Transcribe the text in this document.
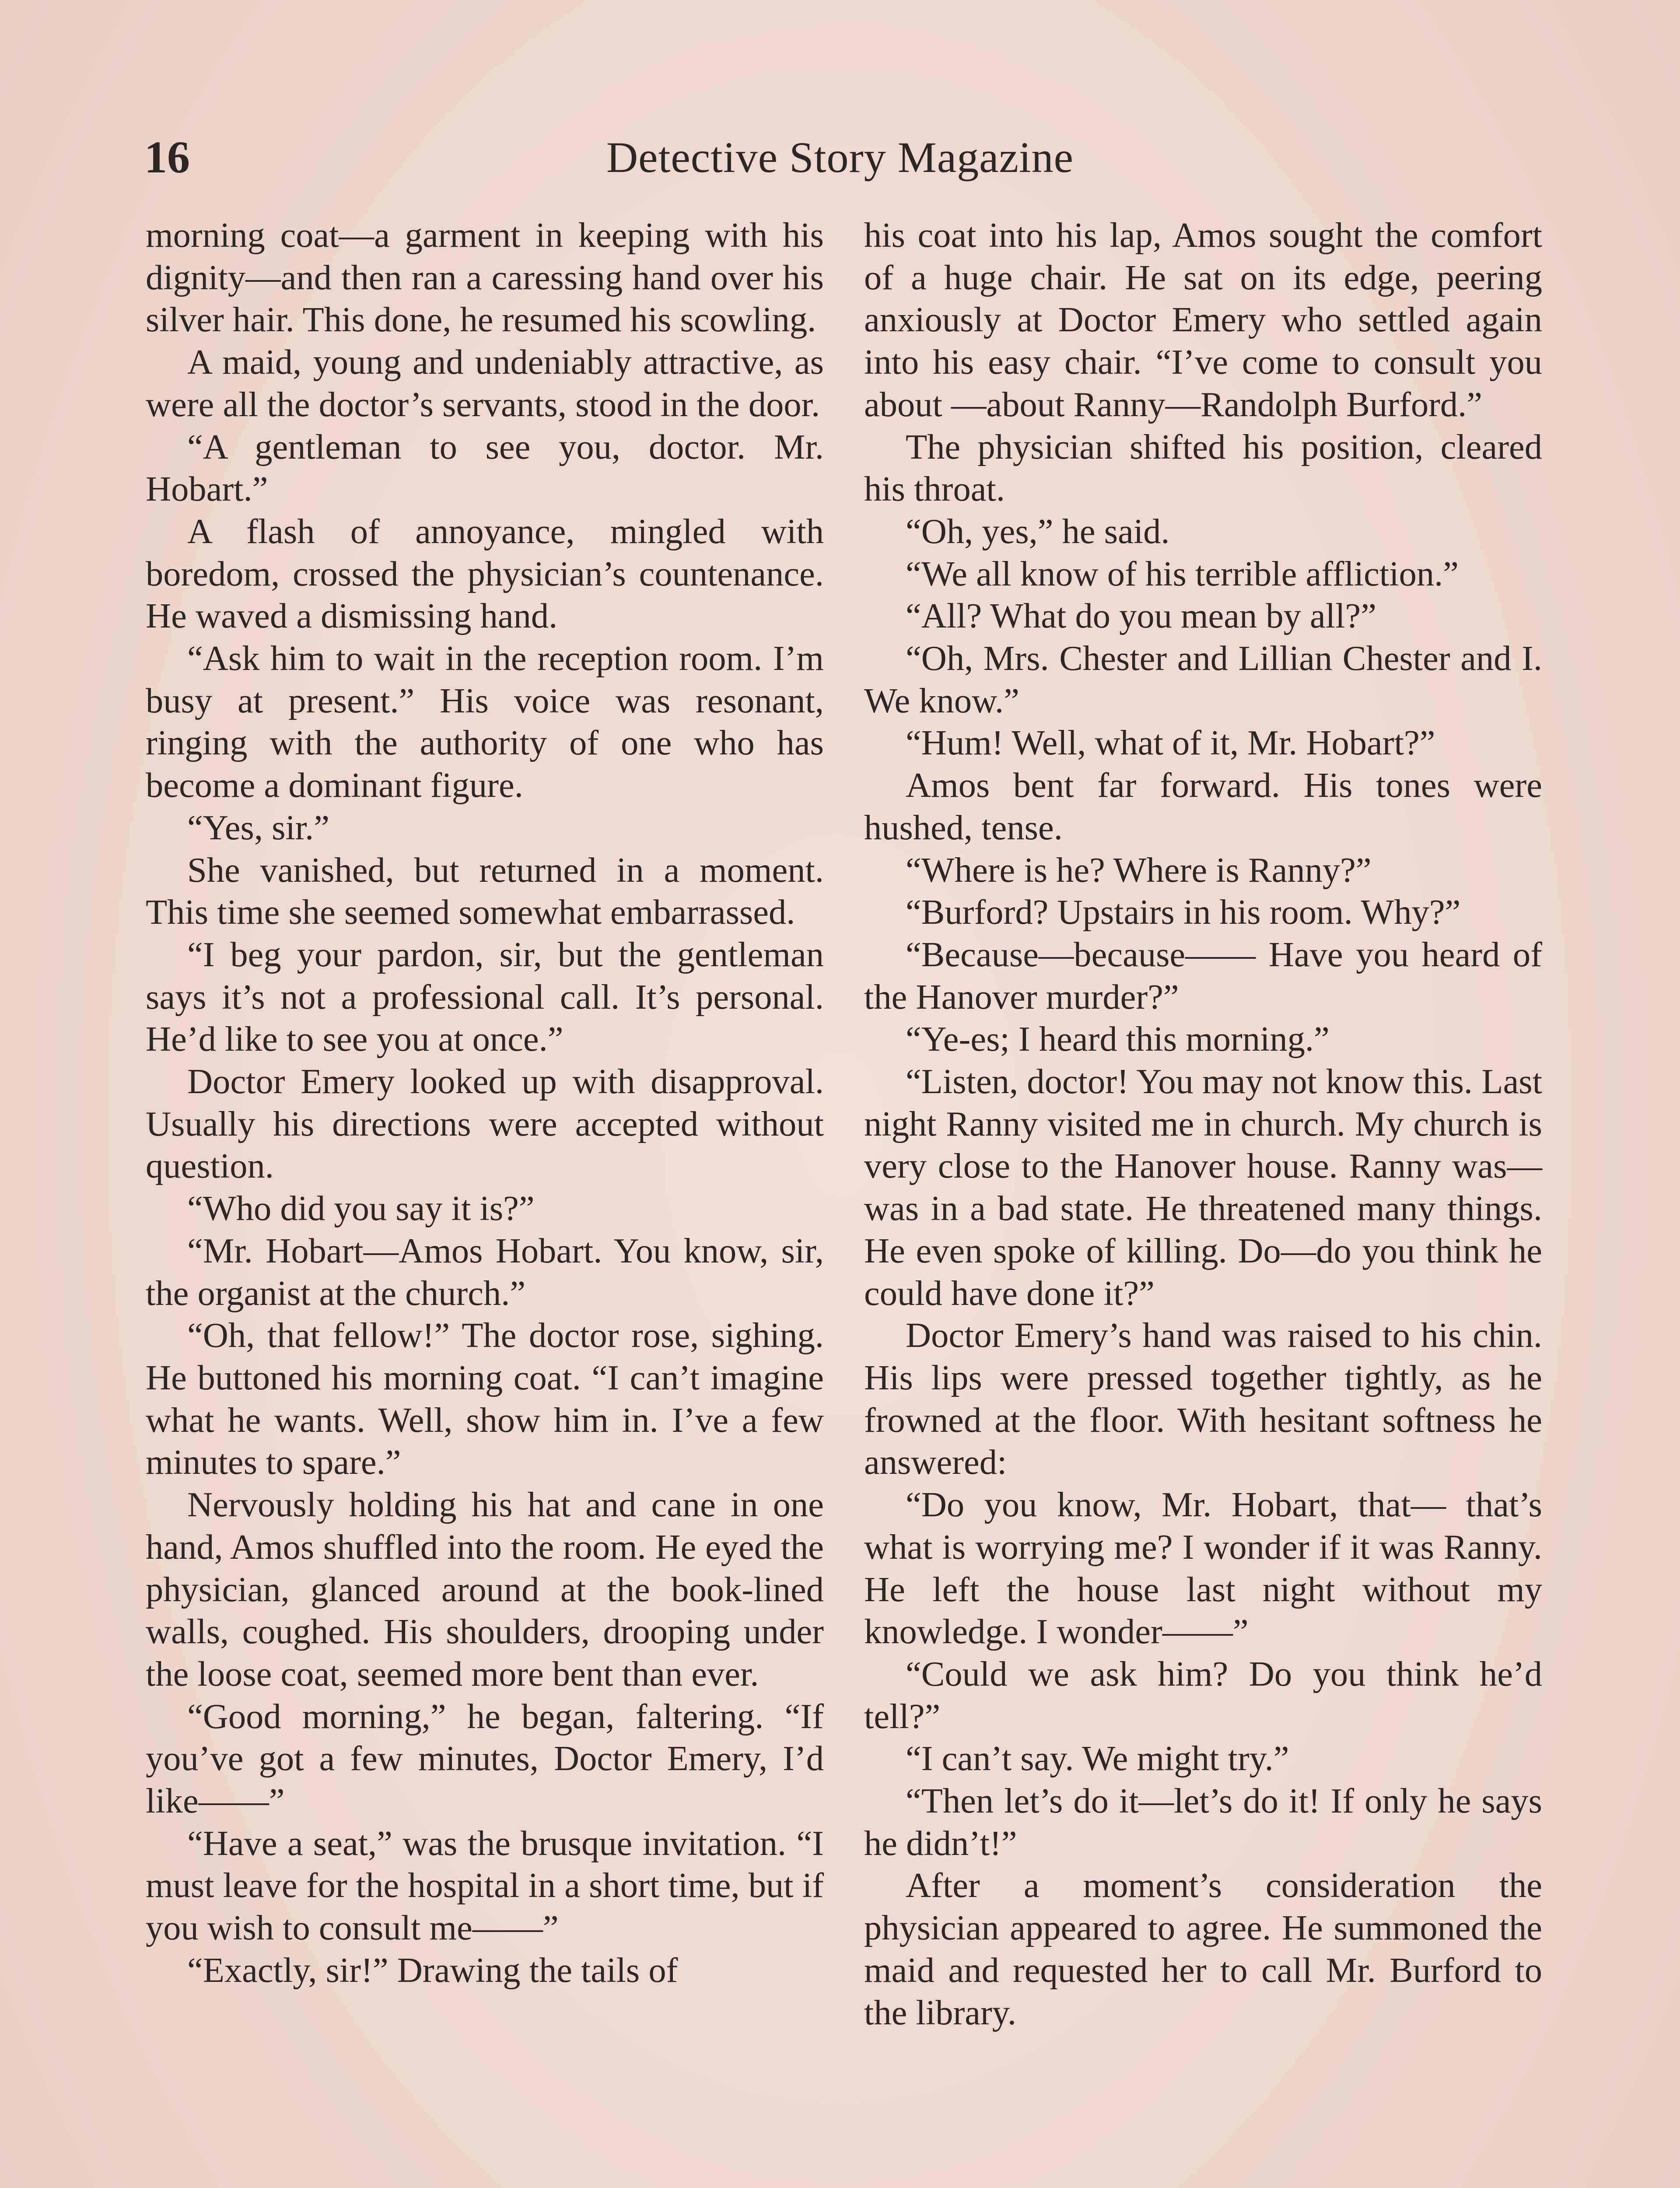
16	Detective Story Magazine

morning coat—a garment in keeping with his dignity—and then ran a caressing hand over his silver hair. This done, he resumed his scowling.

A maid, young and undeniably attractive, as were all the doctor’s servants, stood in the door.

“A gentleman to see you, doctor. Mr. Hobart.”

A flash of annoyance, mingled with boredom, crossed the physician’s countenance. He waved a dismissing hand.

“Ask him to wait in the reception room. I’m busy at present.” His voice was resonant, ringing with the authority of one who has become a dominant figure.

“Yes, sir.”

She vanished, but returned in a moment. This time she seemed somewhat embarrassed.

“I beg your pardon, sir, but the gentleman says it’s not a professional call. It’s personal. He’d like to see you at once.”

Doctor Emery looked up with disapproval. Usually his directions were accepted without question.

“Who did you say it is?”

“Mr. Hobart—Amos Hobart. You know, sir, the organist at the church.”

“Oh, that fellow!” The doctor rose, sighing. He buttoned his morning coat. “I can’t imagine what he wants. Well, show him in. I’ve a few minutes to spare.”

Nervously holding his hat and cane in one hand, Amos shuffled into the room. He eyed the physician, glanced around at the book-lined walls, coughed. His shoulders, drooping under the loose coat, seemed more bent than ever.

“Good morning,” he began, faltering. “If you’ve got a few minutes, Doctor Emery, I’d like——”

“Have a seat,” was the brusque invitation. “I must leave for the hospital in a short time, but if you wish to consult me——”

“Exactly, sir!” Drawing the tails of

his coat into his lap, Amos sought the comfort of a huge chair. He sat on its edge, peering anxiously at Doctor Emery who settled again into his easy chair. “I’ve come to consult you about —about Ranny—Randolph Burford.”

The physician shifted his position, cleared his throat.

“Oh, yes,” he said.

“We all know of his terrible affliction.”

“All? What do you mean by all?”

“Oh, Mrs. Chester and Lillian Chester and I. We know.”

“Hum! Well, what of it, Mr. Hobart?”

Amos bent far forward. His tones were hushed, tense.

“Where is he? Where is Ranny?”

“Burford? Upstairs in his room. Why?”

“Because—because—— Have you heard of the Hanover murder?”

“Ye-es; I heard this morning.”

“Listen, doctor! You may not know this. Last night Ranny visited me in church. My church is very close to the Hanover house. Ranny was—was in a bad state. He threatened many things. He even spoke of killing. Do—do you think he could have done it?”

Doctor Emery’s hand was raised to his chin. His lips were pressed together tightly, as he frowned at the floor. With hesitant softness he answered:

“Do you know, Mr. Hobart, that— that’s what is worrying me? I wonder if it was Ranny. He left the house last night without my knowledge. I wonder——”

“Could we ask him? Do you think he’d tell?”

“I can’t say. We might try.”

“Then let’s do it—let’s do it! If only he says he didn’t!”

After a moment’s consideration the physician appeared to agree. He summoned the maid and requested her to call Mr. Burford to the library.
